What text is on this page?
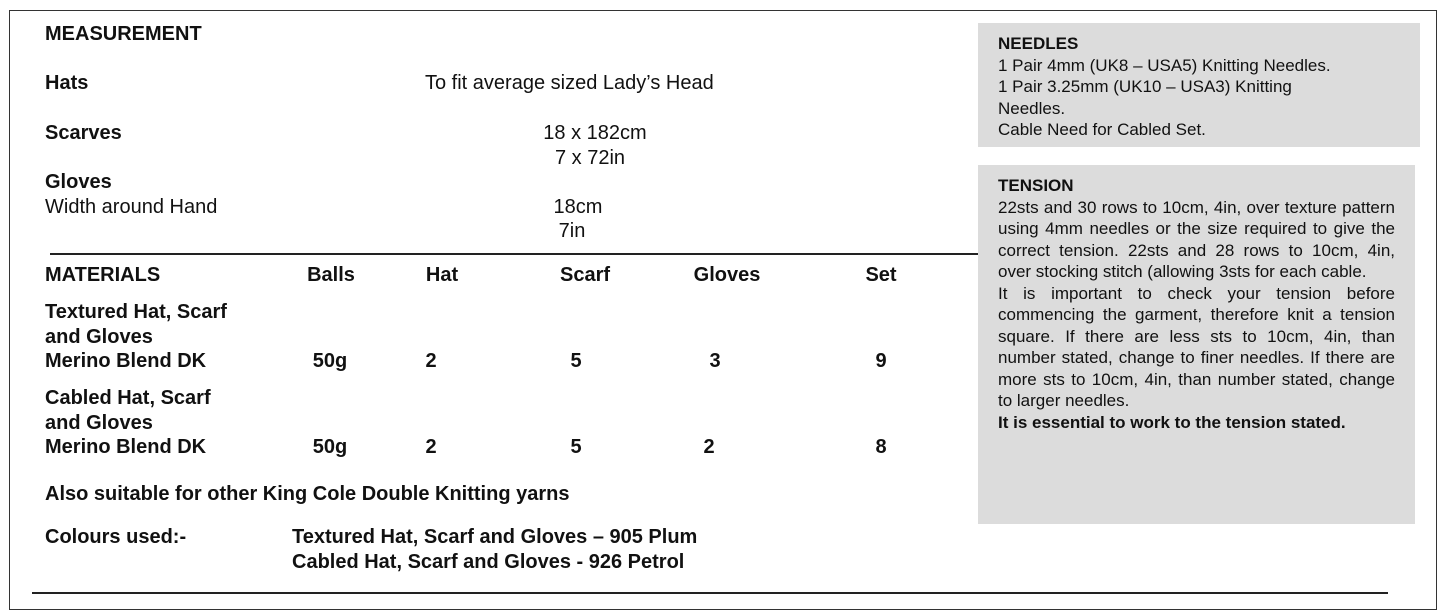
MEASUREMENT
Hats	To fit average sized Lady’s Head
Scarves	18 x 182cm
7 x 72in
Gloves
Width around Hand	18cm
7in
MATERIALS	Balls	Hat	Scarf	Gloves	Set
Textured Hat, Scarf
and Gloves
Merino Blend DK	50g	2	5	3	9
Cabled Hat, Scarf
and Gloves
Merino Blend DK	50g	2	5	2	8
Also suitable for other King Cole Double Knitting yarns
Colours used:-	Textured Hat, Scarf and Gloves – 905 Plum
Cabled Hat, Scarf and Gloves - 926 Petrol
NEEDLES
1 Pair 4mm (UK8 – USA5) Knitting Needles.
1 Pair 3.25mm (UK10 – USA3) Knitting
Needles.
Cable Need for Cabled Set.
TENSION
22sts and 30 rows to 10cm, 4in, over texture pattern using 4mm needles or the size required to give the correct tension. 22sts and 28 rows to 10cm, 4in, over stocking stitch (allowing 3sts for each cable.
It is important to check your tension before commencing the garment, therefore knit a tension square. If there are less sts to 10cm, 4in, than number stated, change to finer needles. If there are more sts to 10cm, 4in, than number stated, change to larger needles.
It is essential to work to the tension stated.
